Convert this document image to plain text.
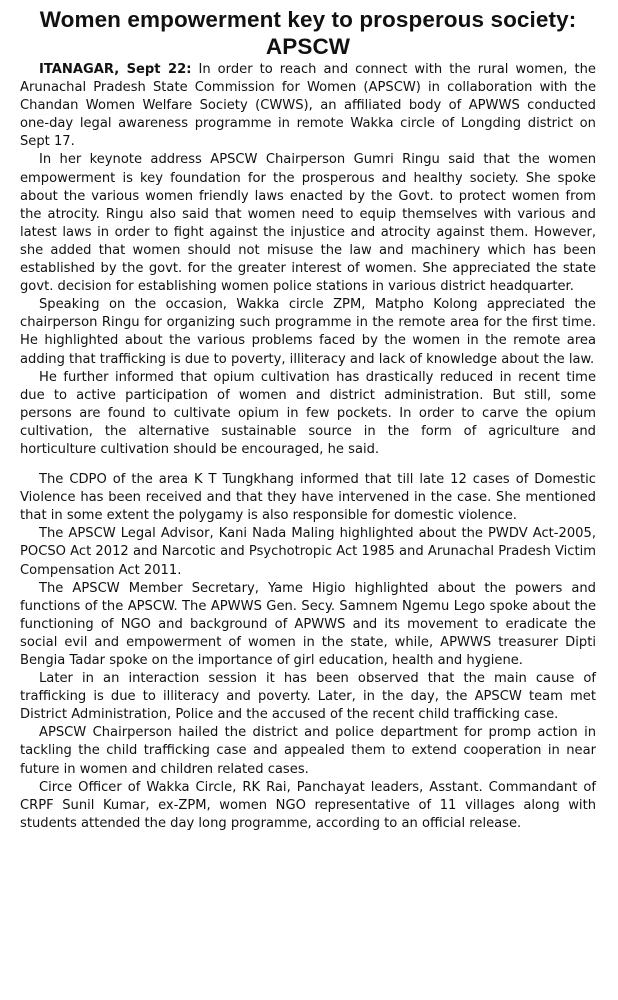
Women empowerment key to prosperous society: APSCW

ITANAGAR, Sept 22: In order to reach and connect with the rural women, the Arunachal Pradesh State Commission for Women (APSCW) in collaboration with the Chandan Women Welfare Society (CWWS), an affiliated body of APWWS conducted one-day legal awareness programme in remote Wakka circle of Longding district on Sept 17.

In her keynote address APSCW Chairperson Gumri Ringu said that the women empowerment is key foundation for the prosperous and healthy society. She spoke about the various women friendly laws enacted by the Govt. to protect women from the atrocity. Ringu also said that women need to equip themselves with various and latest laws in order to fight against the injustice and atrocity against them. However, she added that women should not misuse the law and machinery which has been established by the govt. for the greater interest of women. She appreciated the state govt. decision for establishing women police stations in various district headquarter.

Speaking on the occasion, Wakka circle ZPM, Matpho Kolong appreciated the chairperson Ringu for organizing such programme in the remote area for the first time. He highlighted about the various problems faced by the women in the remote area adding that trafficking is due to poverty, illiteracy and lack of knowledge about the law.

He further informed that opium cultivation has drastically reduced in recent time due to active participation of women and district administration. But still, some persons are found to cultivate opium in few pockets. In order to carve the opium cultivation, the alternative sustainable source in the form of agriculture and horticulture cultivation should be encouraged, he said.

The CDPO of the area K T Tungkhang informed that till late 12 cases of Domestic Violence has been received and that they have intervened in the case. She mentioned that in some extent the polygamy is also responsible for domestic violence.

The APSCW Legal Advisor, Kani Nada Maling highlighted about the PWDV Act-2005, POCSO Act 2012 and Narcotic and Psychotropic Act 1985 and Arunachal Pradesh Victim Compensation Act 2011.

The APSCW Member Secretary, Yame Higio highlighted about the powers and functions of the APSCW. The APWWS Gen. Secy. Samnem Ngemu Lego spoke about the functioning of NGO and background of APWWS and its movement to eradicate the social evil and empowerment of women in the state, while, APWWS treasurer Dipti Bengia Tadar spoke on the importance of girl education, health and hygiene.

Later in an interaction session it has been observed that the main cause of trafficking is due to illiteracy and poverty. Later, in the day, the APSCW team met District Administration, Police and the accused of the recent child trafficking case.

APSCW Chairperson hailed the district and police department for promp action in tackling the child trafficking case and appealed them to extend cooperation in near future in women and children related cases.

Circe Officer of Wakka Circle, RK Rai, Panchayat leaders, Asstant. Commandant of CRPF Sunil Kumar, ex-ZPM, women NGO representative of 11 villages along with students attended the day long programme, according to an official release.
